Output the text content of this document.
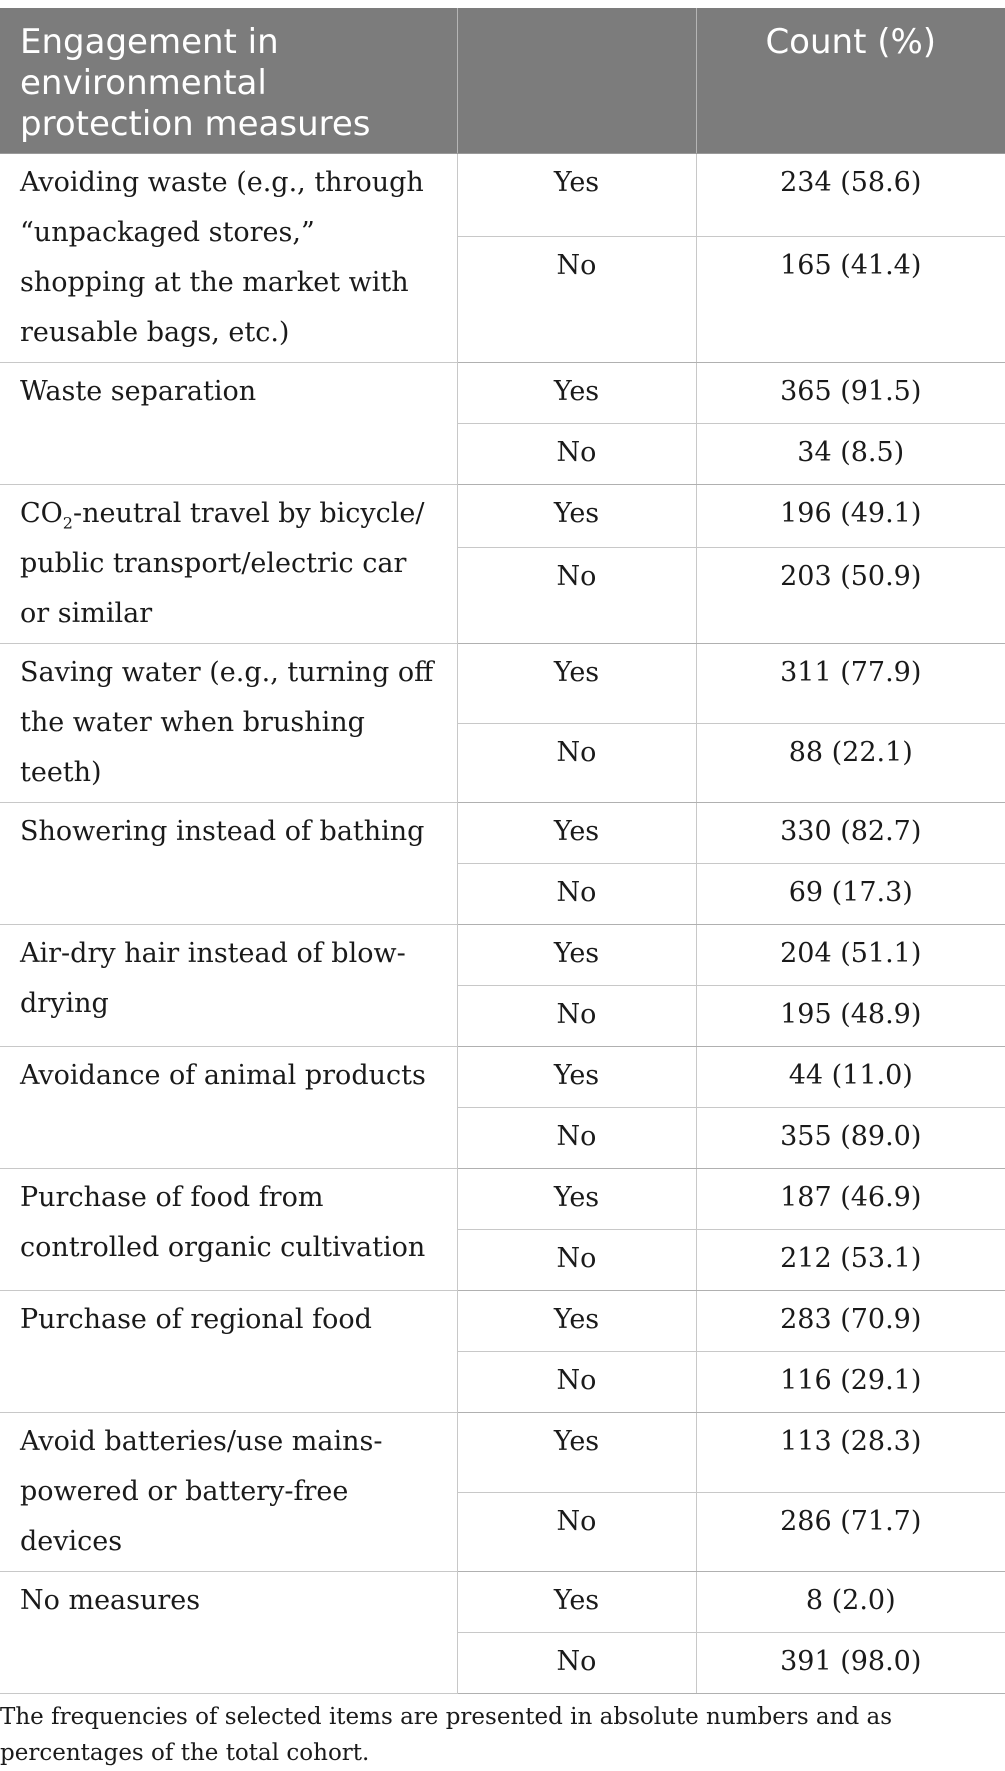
Engagement in environmental protection measures		Count (%)
Avoiding waste (e.g., through “unpackaged stores,” shopping at the market with reusable bags, etc.)	Yes	234 (58.6)
	No	165 (41.4)
Waste separation	Yes	365 (91.5)
	No	34 (8.5)
$CO_2$-neutral travel by bicycle/ public transport/electric car or similar	Yes	196 (49.1)
	No	203 (50.9)
Saving water (e.g., turning off the water when brushing teeth)	Yes	311 (77.9)
	No	88 (22.1)
Showering instead of bathing	Yes	330 (82.7)
	No	69 (17.3)
Air-dry hair instead of blow-drying	Yes	204 (51.1)
	No	195 (48.9)
Avoidance of animal products	Yes	44 (11.0)
	No	355 (89.0)
Purchase of food from controlled organic cultivation	Yes	187 (46.9)
	No	212 (53.1)
Purchase of regional food	Yes	283 (70.9)
	No	116 (29.1)
Avoid batteries/use mains-powered or battery-free devices	Yes	113 (28.3)
	No	286 (71.7)
No measures	Yes	8 (2.0)
	No	391 (98.0)
The frequencies of selected items are presented in absolute numbers and as percentages of the total cohort.
